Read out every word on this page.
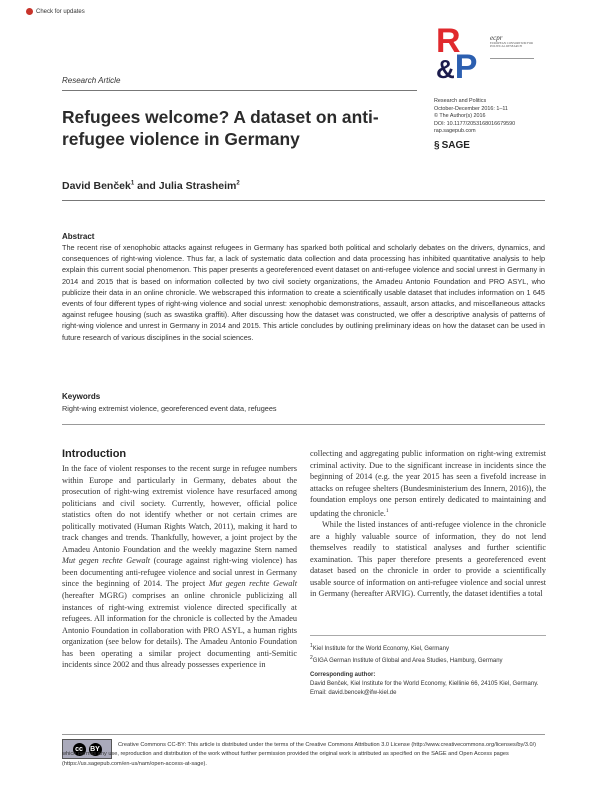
Check for updates
R
&P
ecpr
EUROPEAN CONSORTIUM FOR POLITICAL RESEARCH
Research Article
Research and Politics
October-December 2016: 1–11
© The Author(s) 2016
DOI: 10.1177/2053168016679590
rap.sagepub.com
§ SAGE
Refugees welcome? A dataset on anti-refugee violence in Germany
David Benček$^1$ and Julia Strasheim$^2$
Abstract
The recent rise of xenophobic attacks against refugees in Germany has sparked both political and scholarly debates on the drivers, dynamics, and consequences of right-wing violence. Thus far, a lack of systematic data collection and data processing has inhibited quantitative analysis to help explain this current social phenomenon. This paper presents a georeferenced event dataset on anti-refugee violence and social unrest in Germany in 2014 and 2015 that is based on information collected by two civil society organizations, the Amadeu Antonio Foundation and PRO ASYL, who publicize their data in an online chronicle. We webscraped this information to create a scientifically usable dataset that includes information on 1 645 events of four different types of right-wing violence and social unrest: xenophobic demonstrations, assault, arson attacks, and miscellaneous attacks against refugee housing (such as swastika graffiti). After discussing how the dataset was constructed, we offer a descriptive analysis of patterns of right-wing violence and unrest in Germany in 2014 and 2015. This article concludes by outlining preliminary ideas on how the dataset can be used in future research of various disciplines in the social sciences.
Keywords
Right-wing extremist violence, georeferenced event data, refugees
Introduction

In the face of violent responses to the recent surge in refugee numbers within Europe and particularly in Germany, debates about the prosecution of right-wing extremist violence have resurfaced among politicians and civil society. Currently, however, official police statistics often do not identify whether or not certain crimes are politically motivated (Human Rights Watch, 2011), making it hard to track changes and trends. Thankfully, however, a joint project by the Amadeu Antonio Foundation and the weekly magazine Stern named Mut gegen rechte Gewalt (courage against right-wing violence) has been documenting anti-refugee violence and social unrest in Germany since the beginning of 2014. The project Mut gegen rechte Gewalt (hereafter MGRG) comprises an online chronicle publicizing all instances of right-wing extremist violence directed specifically at refugees. All information for the chronicle is collected by the Amadeu Antonio Foundation in collaboration with PRO ASYL, a human rights organization (see below for details). The Amadeu Antonio Foundation has been operating a similar project documenting anti-Semitic incidents since 2002 and thus already possesses experience in

collecting and aggregating public information on right-wing extremist criminal activity. Due to the significant increase in incidents since the beginning of 2014 (e.g. the year 2015 has seen a fivefold increase in attacks on refugee shelters (Bundesministerium des Innern, 2016)), the foundation employs one person entirely dedicated to maintaining and updating the chronicle.$^1$

While the listed instances of anti-refugee violence in the chronicle are a highly valuable source of information, they do not lend themselves readily to statistical analyses and further scientific examination. This paper therefore presents a georeferenced event dataset based on the chronicle in order to provide a scientifically usable source of information on anti-refugee violence and social unrest in Germany (hereafter ARVIG). Currently, the dataset identifies a total

$^1$Kiel Institute for the World Economy, Kiel, Germany

$^2$GIGA German Institute of Global and Area Studies, Hamburg, Germany

Corresponding author:

David Benček, Kiel Institute for the World Economy, Kiellinie 66, 24105 Kiel, Germany.

Email: david.bencek@ifw-kiel.de

cc	BY
Creative Commons CC-BY: This article is distributed under the terms of the Creative Commons Attribution 3.0 License (http://www.creativecommons.org/licenses/by/3.0/) which permits any use, reproduction and distribution of the work without further permission provided the original work is attributed as specified on the SAGE and Open Access pages (https://us.sagepub.com/en-us/nam/open-access-at-sage).
